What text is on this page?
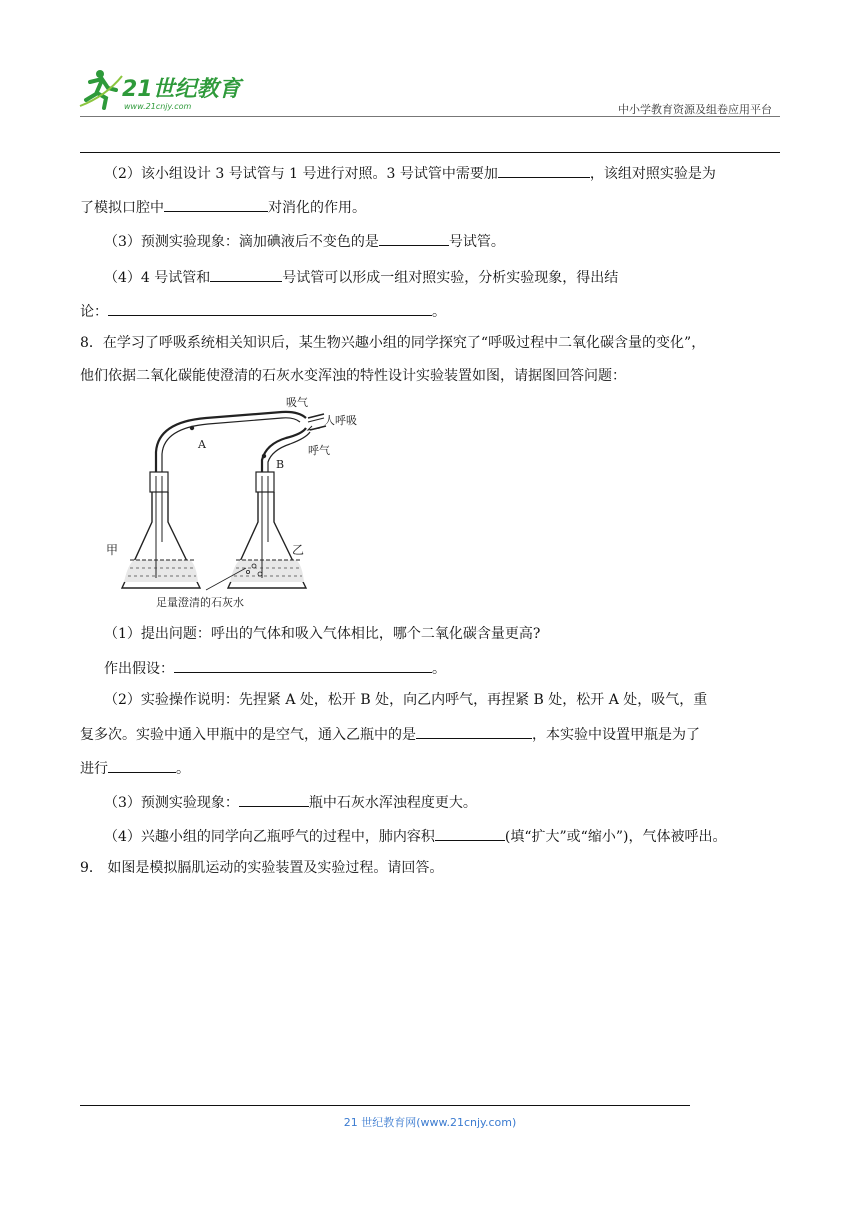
21世纪教育
www.21cnjy.com	中小学教育资源及组卷应用平台
（2）该小组设计 3 号试管与 1 号进行对照。3 号试管中需要加	，该组对照实验是为
了模拟口腔中	对消化的作用。
（3）预测实验现象：滴加碘液后不变色的是	号试管。
（4）4 号试管和	号试管可以形成一组对照实验，分析实验现象，得出结
论：	。
8．在学习了呼吸系统相关知识后，某生物兴趣小组的同学探究了“呼吸过程中二氧化碳含量的变化”，
他们依据二氧化碳能使澄清的石灰水变浑浊的特性设计实验装置如图，请据图回答问题：
吸气
人呼吸
呼气
A
B
甲	乙
足量澄清的石灰水
（1）提出问题：呼出的气体和吸入气体相比，哪个二氧化碳含量更高?
作出假设：	。
（2）实验操作说明：先捏紧 A 处，松开 B 处，向乙内呼气，再捏紧 B 处，松开 A 处，吸气，重
复多次。实验中通入甲瓶中的是空气，通入乙瓶中的是	，本实验中设置甲瓶是为了
进行	。
（3）预测实验现象：	瓶中石灰水浑浊程度更大。
（4）兴趣小组的同学向乙瓶呼气的过程中，肺内容积	(填“扩大”或“缩小”)，气体被呼出。
9． 如图是模拟膈肌运动的实验装置及实验过程。请回答。
21 世纪教育网(www.21cnjy.com)
